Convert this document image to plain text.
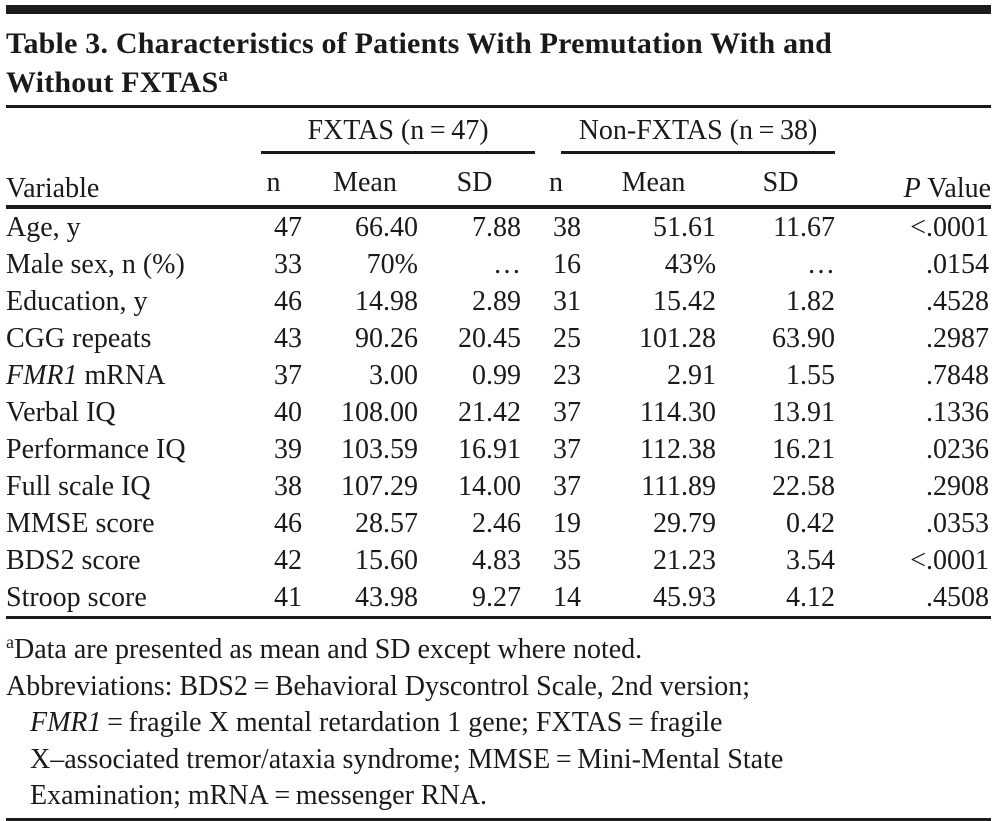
Table 3. Characteristics of Patients With Premutation With and
Without FXTAS$^a$
Variable	FXTAS (n = 47)			Non-FXTAS (n = 38)			P Value
	n	Mean	SD	n	Mean	SD	
Age, y	47	66.40	7.88	38	51.61	11.67	<.0001
Male sex, n (%)	33	70%	…	16	43%	…	.0154
Education, y	46	14.98	2.89	31	15.42	1.82	.4528
CGG repeats	43	90.26	20.45	25	101.28	63.90	.2987
FMR1 mRNA	37	3.00	0.99	23	2.91	1.55	.7848
Verbal IQ	40	108.00	21.42	37	114.30	13.91	.1336
Performance IQ	39	103.59	16.91	37	112.38	16.21	.0236
Full scale IQ	38	107.29	14.00	37	111.89	22.58	.2908
MMSE score	46	28.57	2.46	19	29.79	0.42	.0353
BDS2 score	42	15.60	4.83	35	21.23	3.54	<.0001
Stroop score	41	43.98	9.27	14	45.93	4.12	.4508
$^a$Data are presented as mean and SD except where noted.
Abbreviations: BDS2 = Behavioral Dyscontrol Scale, 2nd version;
FMR1 = fragile X mental retardation 1 gene; FXTAS = fragile
X–associated tremor/ataxia syndrome; MMSE = Mini-Mental State
Examination; mRNA = messenger RNA.
